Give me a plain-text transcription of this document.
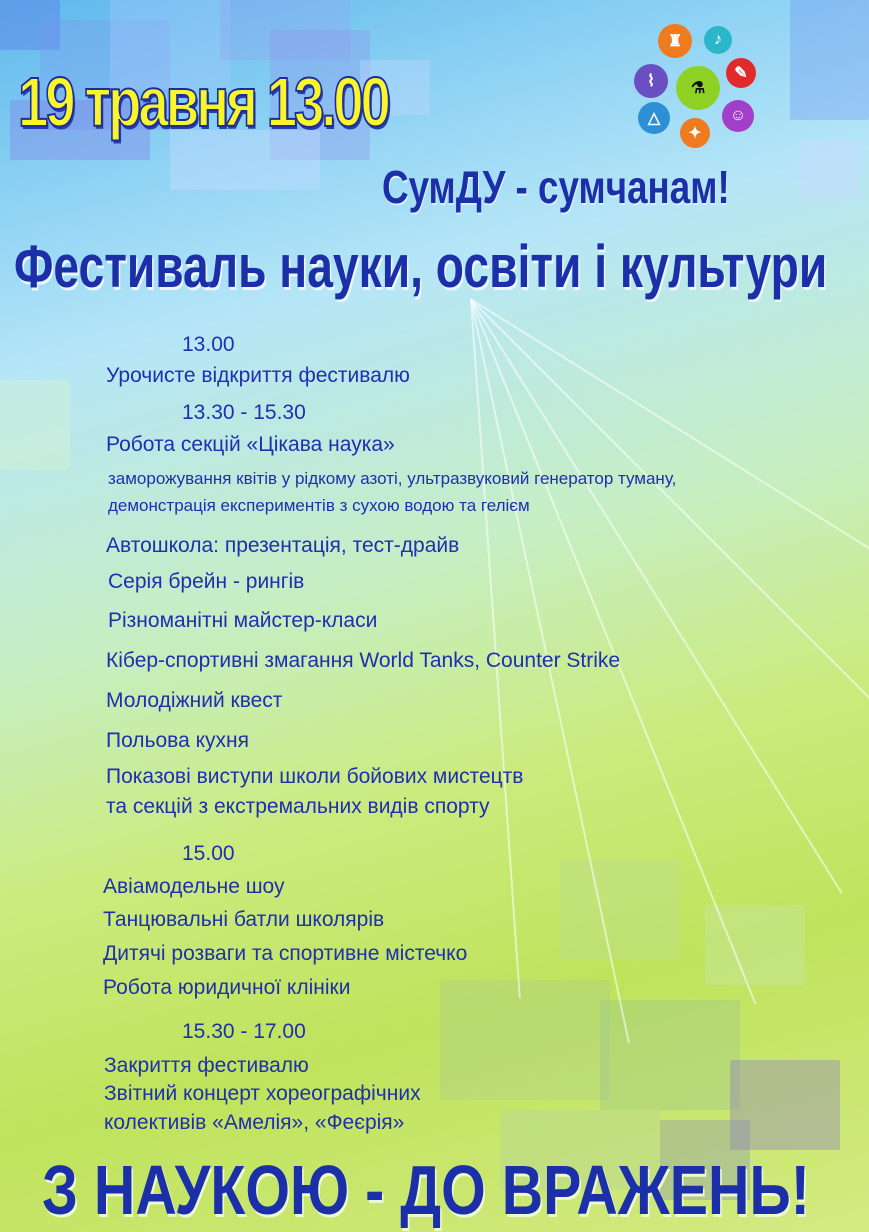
♜	♪
⌇	⚗
✎
△
✦
☺
19 травня 13.00
СумДУ - сумчанам!
Фестиваль науки, освіти і культури
13.00
Урочисте відкриття фестивалю
13.30 - 15.30
Робота секцій «Цікава наука»
заморожування квітів у рідкому азоті, ультразвуковий генератор туману,
демонстрація експериментів з сухою водою та гелієм
Автошкола: презентація, тест-драйв
Серія брейн - рингів
Різноманітні майстер-класи
Кібер-спортивні змагання World Tanks, Counter Strike
Молодіжний квест
Польова кухня
Показові виступи школи бойових мистецтв
та секцій з екстремальних видів спорту
15.00
Авіамодельне шоу
Танцювальні батли школярів
Дитячі розваги та спортивне містечко
Робота юридичної клініки
15.30 - 17.00
Закриття фестивалю
Звітний концерт хореографічних
колективів «Амелія», «Феєрія»
З НАУКОЮ - ДО ВРАЖЕНЬ!
